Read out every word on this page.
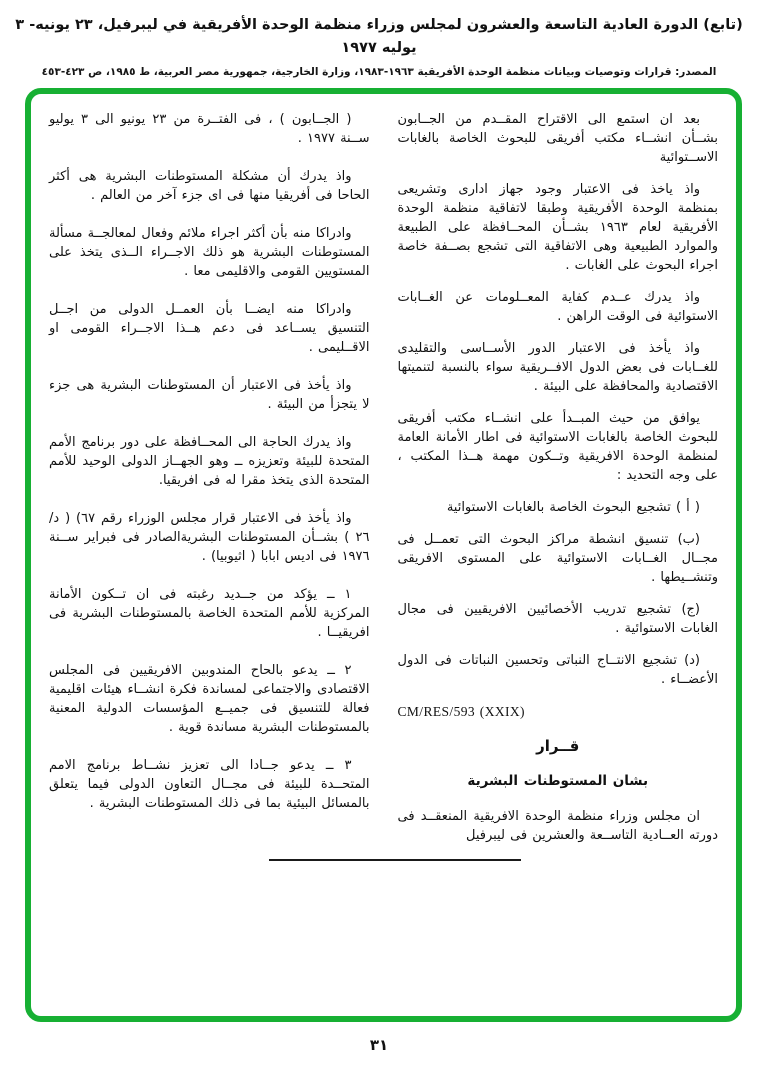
(تابع) الدورة العادية التاسعة والعشرون لمجلس وزراء منظمة الوحدة الأفريقية في ليبرفيل، ٢٣ يونيه- ٣ يوليه ١٩٧٧
المصدر: قرارات وتوصيات وبيانات منظمة الوحدة الأفريقية ١٩٦٣-١٩٨٣، وزارة الخارجية، جمهورية مصر العربية، ط ١٩٨٥، ص ٤٢٣-٤٥٣

بعد ان استمع الى الاقتراح المقــدم من الجــابون بشــأن انشــاء مكتب أفريقى للبحوث الخاصة بالغابات الاســتوائية

واذ ياخذ فى الاعتبار وجود جهاز ادارى وتشريعى بمنظمة الوحدة الأفريقية وطبقا لاتفاقية منظمة الوحدة الأفريقية لعام ١٩٦٣ بشــأن المحــافظة على الطبيعة والموارد الطبيعية وهى الاتفاقية التى تشجع بصــفة خاصة اجراء البحوث على الغابات .

واذ يدرك عــدم كفاية المعــلومات عن الغــابات الاستوائية فى الوقت الراهن .

واذ يأخذ فى الاعتبار الدور الأســاسى والتقليدى للغــابات فى بعض الدول الافــريقية سواء بالنسبة لتنميتها الاقتصادية والمحافظة على البيئة .

يوافق من حيث المبــدأ على انشــاء مكتب أفريقى للبحوث الخاصة بالغابات الاستوائية فى اطار الأمانة العامة لمنظمة الوحدة الافريقية وتــكون مهمة هــذا المكتب ، على وجه التحديد :

( أ ) تشجيع البحوث الخاصة بالغابات الاستوائية

(ب) تنسيق انشطة مراكز البحوث التى تعمــل فى مجــال الغــابات الاستوائية على المستوى الافريقى وتنشــيطها .

(ج) تشجيع تدريب الأخصائيين الافريقيين فى مجال الغابات الاستوائية .

(د) تشجيع الانتــاج النباتى وتحسين النباتات فى الدول الأعضــاء .

CM/RES/593 (XXIX)

قــرار

بشان المستوطنات البشرية

ان مجلس وزراء منظمة الوحدة الافريقية المنعقــد فى دورته العــادية التاســعة والعشرين فى ليبرفيل

( الجــابون ) ، فى الفتــرة من ٢٣ يونيو الى ٣ يوليو ســنة ١٩٧٧ .

واذ يدرك أن مشكلة المستوطنات البشرية هى أكثر الحاحا فى أفريقيا منها فى اى جزء آخر من العالم .

وادراكا منه بأن أكثر اجراء ملائم وفعال لمعالجــة مسألة المستوطنات البشرية هو ذلك الاجــراء الــذى يتخذ على المستويين القومى والاقليمى معا .

وادراكا منه ايضــا بأن العمــل الدولى من اجــل التنسيق يســاعد فى دعم هــذا الاجــراء القومى او الاقــليمى .

واذ يأخذ فى الاعتبار أن المستوطنات البشرية هى جزء لا يتجزأ من البيئة .

واذ يدرك الحاجة الى المحــافظة على دور برنامج الأمم المتحدة للبيئة وتعزيزه ــ وهو الجهــاز الدولى الوحيد للأمم المتحدة الذى يتخذ مقرا له فى افريقيا.

واذ يأخذ فى الاعتبار قرار مجلس الوزراء رقم ٦٧) ( د/٢٦ ) بشــأن المستوطنات البشريةالصادر فى فبراير ســنة ١٩٧٦ فى اديس ابابا ( اثيوبيا) .

١ ــ يؤكد من جــديد رغبته فى ان تــكون الأمانة المركزية للأمم المتحدة الخاصة بالمستوطنات البشرية فى افريقيــا .

٢ ــ يدعو بالحاح المندوبين الافريقيين فى المجلس الاقتصادى والاجتماعى لمساندة فكرة انشــاء هيئات اقليمية فعالة للتنسيق فى جميــع المؤسسات الدولية المعنية بالمستوطنات البشرية مساندة قوية .

٣ ــ يدعو جــادا الى تعزيز نشــاط برنامج الامم المتحــدة للبيئة فى مجــال التعاون الدولى فيما يتعلق بالمسائل البيئية بما فى ذلك المستوطنات البشرية .

٣١
